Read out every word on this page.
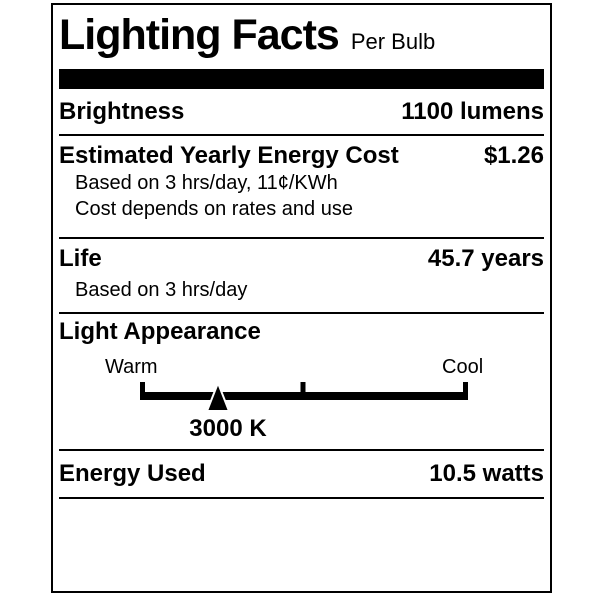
Lighting Facts Per Bulb
Brightness	1100 lumens
Estimated Yearly Energy Cost	$1.26
Based on 3 hrs/day, 11¢/KWh
Cost depends on rates and use
Life	45.7 years
Based on 3 hrs/day
Light Appearance
Warm	Cool
3000 K
Energy Used	10.5 watts
